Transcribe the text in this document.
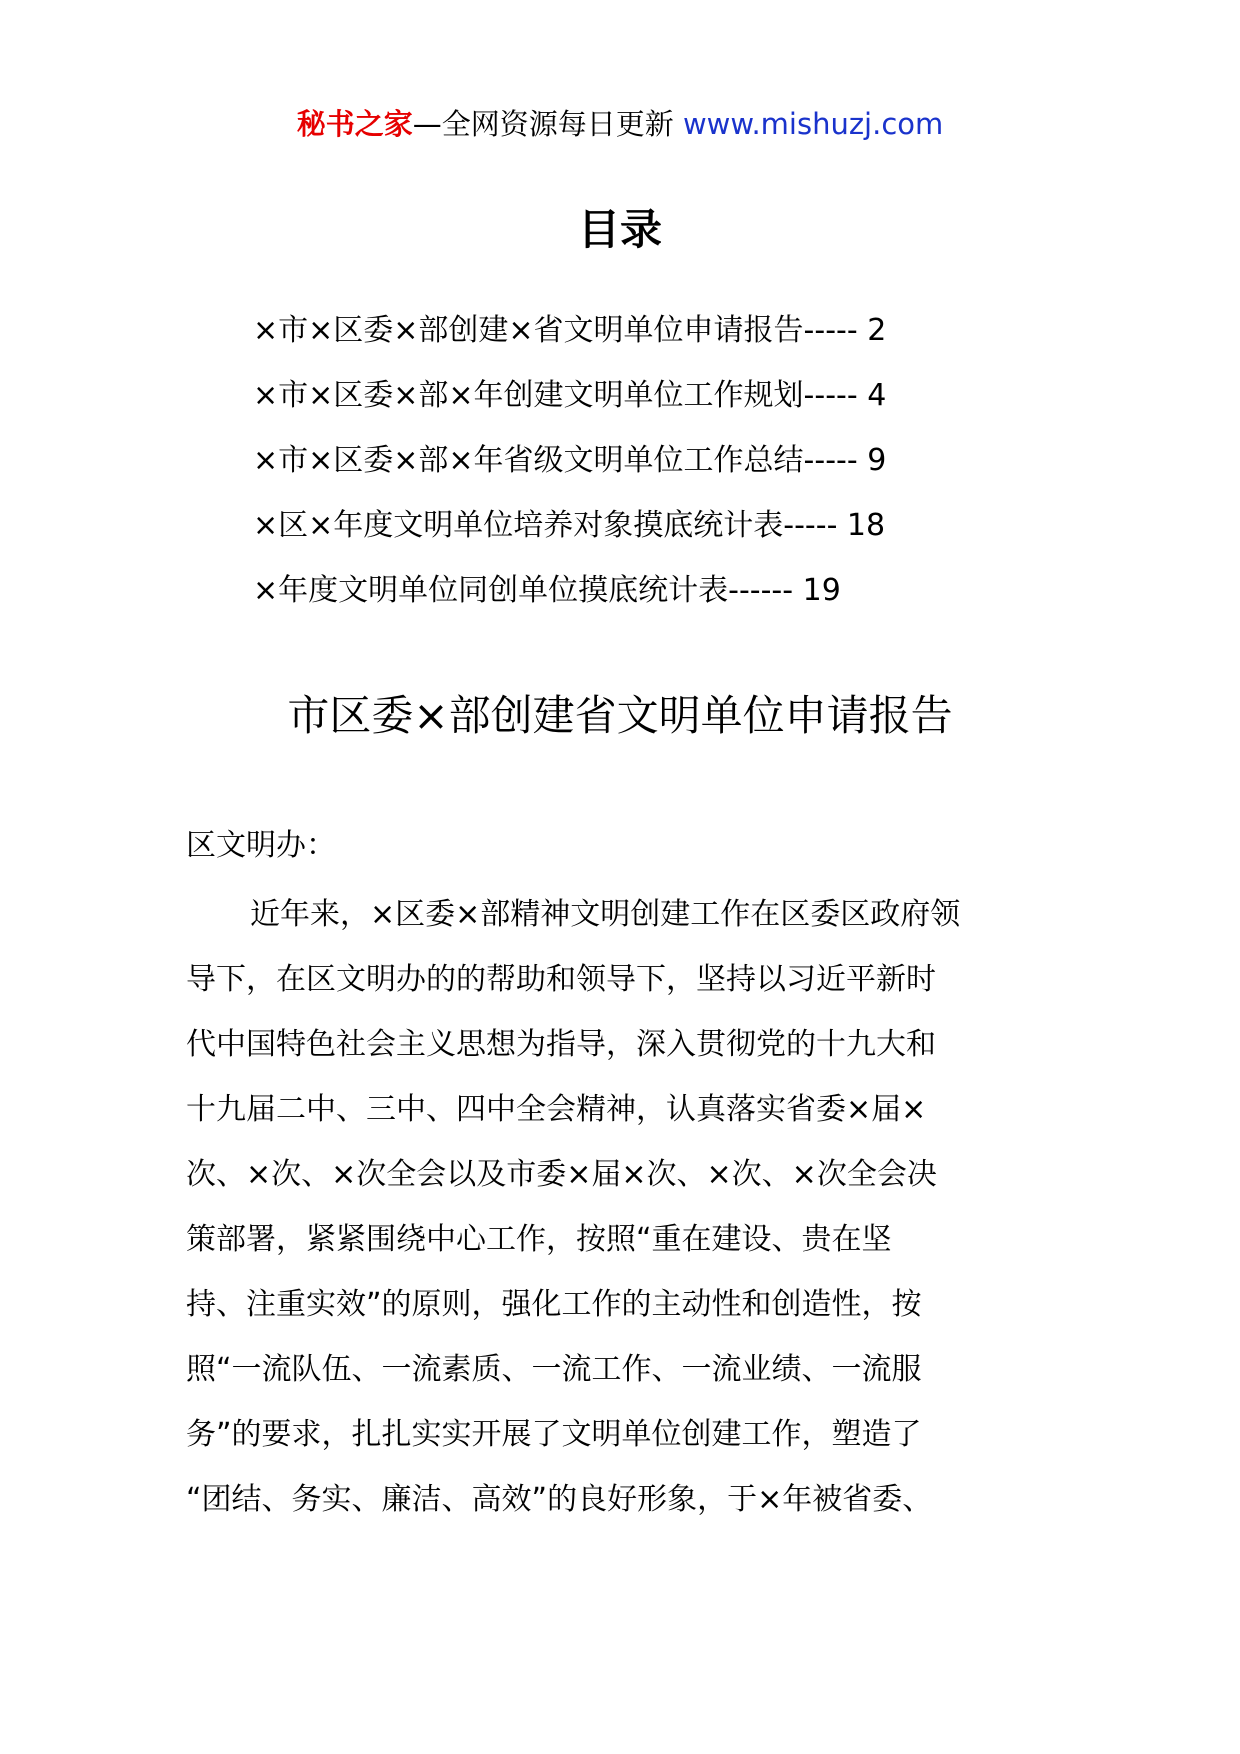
秘书之家—全网资源每日更新 www.mishuzj.com
目录
×市×区委×部创建×省文明单位申请报告----- 2
×市×区委×部×年创建文明单位工作规划----- 4
×市×区委×部×年省级文明单位工作总结----- 9
×区×年度文明单位培养对象摸底统计表----- 18
×年度文明单位同创单位摸底统计表------ 19
市区委×部创建省文明单位申请报告
区文明办：
近年来，×区委×部精神文明创建工作在区委区政府领
导下，在区文明办的的帮助和领导下，坚持以习近平新时
代中国特色社会主义思想为指导，深入贯彻党的十九大和
十九届二中、三中、四中全会精神，认真落实省委×届×
次、×次、×次全会以及市委×届×次、×次、×次全会决
策部署，紧紧围绕中心工作，按照“重在建设、贵在坚
持、注重实效”的原则，强化工作的主动性和创造性，按
照“一流队伍、一流素质、一流工作、一流业绩、一流服
务”的要求，扎扎实实开展了文明单位创建工作，塑造了
“团结、务实、廉洁、高效”的良好形象，于×年被省委、
